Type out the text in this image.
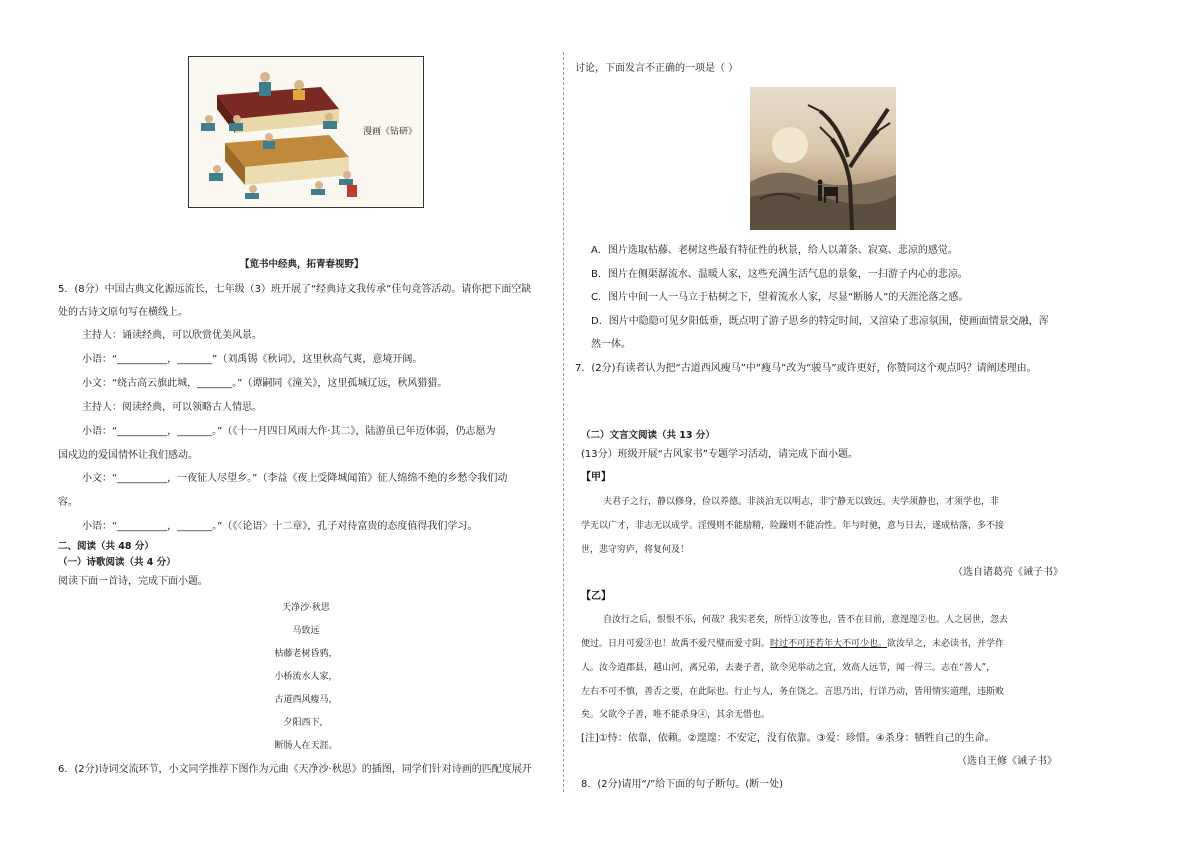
漫画《钻研》
【览书中经典，拓青春视野】
5．(8分）中国古典文化源远流长，七年级（3）班开展了“经典诗文我传承”佳句竞答活动。请你把下面空缺
处的古诗文原句写在横线上。
主持人：诵读经典，可以欣赏优美风景。
小语：“__________，_______”（刘禹锡《秋词》，这里秋高气爽，意境开阔。
小文：“绕古高云旗此城，_______。”（谭嗣同《潼关》，这里孤城辽远，秋风猎猎。
主持人：阅读经典，可以领略古人情思。
小语：“__________，_______。”（《十一月四日风雨大作·其二》，陆游虽已年迈体弱，仍志愿为
国戍边的爱国情怀让我们感动。
小文：“__________，一夜征人尽望乡。”（李益《夜上受降城闻笛》征人绵绵不绝的乡愁令我们动
容。
小语：“__________，_______。”（《〈论语〉十二章》，孔子对待富贵的态度值得我们学习。
二、阅读（共 48 分）
（一）诗歌阅读（共 4 分）
阅读下面一首诗，完成下面小题。
天净沙·秋思
马致远
枯藤老树昏鸦，
小桥流水人家，
古道西风瘦马，
夕阳西下，
断肠人在天涯。
6．(2分)诗词交流环节，小文同学推荐下图作为元曲《天净沙·秋思》的插图，同学们针对诗画的匹配度展开
讨论，下面发言不正确的一项是（ ）
A．图片选取枯藤、老树这些最有特征性的秋景，给人以萧条、寂寞、悲凉的感觉。
B．图片在侧渠潺流水、温暖人家，这些充满生活气息的景象，一扫游子内心的悲凉。
C．图片中间一人一马立于枯树之下，望着流水人家，尽显“断肠人”的天涯沦落之感。
D．图片中隐隐可见夕阳低垂，既点明了游子思乡的特定时间，又渲染了悲凉氛围，使画面情景交融，浑
然一体。
7．(2分)有读者认为把“古道西风瘦马”中“瘦马”改为“骏马”或许更好，你赞同这个观点吗？请阐述理由。
（二）文言文阅读（共 13 分）
(13分）班级开展“古风家书”专题学习活动，请完成下面小题。
【甲】
夫君子之行，静以修身，俭以养德。非淡泊无以明志，非宁静无以致远。夫学须静也，才须学也，非
学无以广才，非志无以成学。淫慢则不能励精，险躁则不能冶性。年与时驰，意与日去，遂成枯落，多不接
世，悲守穷庐，将复何及！
（选自诸葛亮《诫子书》
【乙】
自汝行之后，恨恨不乐，何哉？我实老矣，所恃①汝等也，皆不在目前，意遑遑②也。人之居世，忽去
便过。日月可爱③也！故禹不爱尺璧而爱寸阴。时过不可还若年大不可少也。欲汝早之，未必读书，并学作
人。汝今逍郡县，越山河，离兄弟，去妻子者，欲令见举动之宜，效高人远节，闻一得三。志在“善人”，
左右不可不慎，善否之要，在此际也。行止与人，务在饶之。言思乃出，行详乃动，皆用情实道理，违斯败
矣。父欲令子善，唯不能杀身④，其余无惜也。
[注]①恃：依靠，依赖。②遑遑：不安定，没有依靠。③爱：珍惜。④杀身：牺牲自己的生命。
（选自王修《诫子书》
8．(2分)请用“/”给下面的句子断句。(断一处)
